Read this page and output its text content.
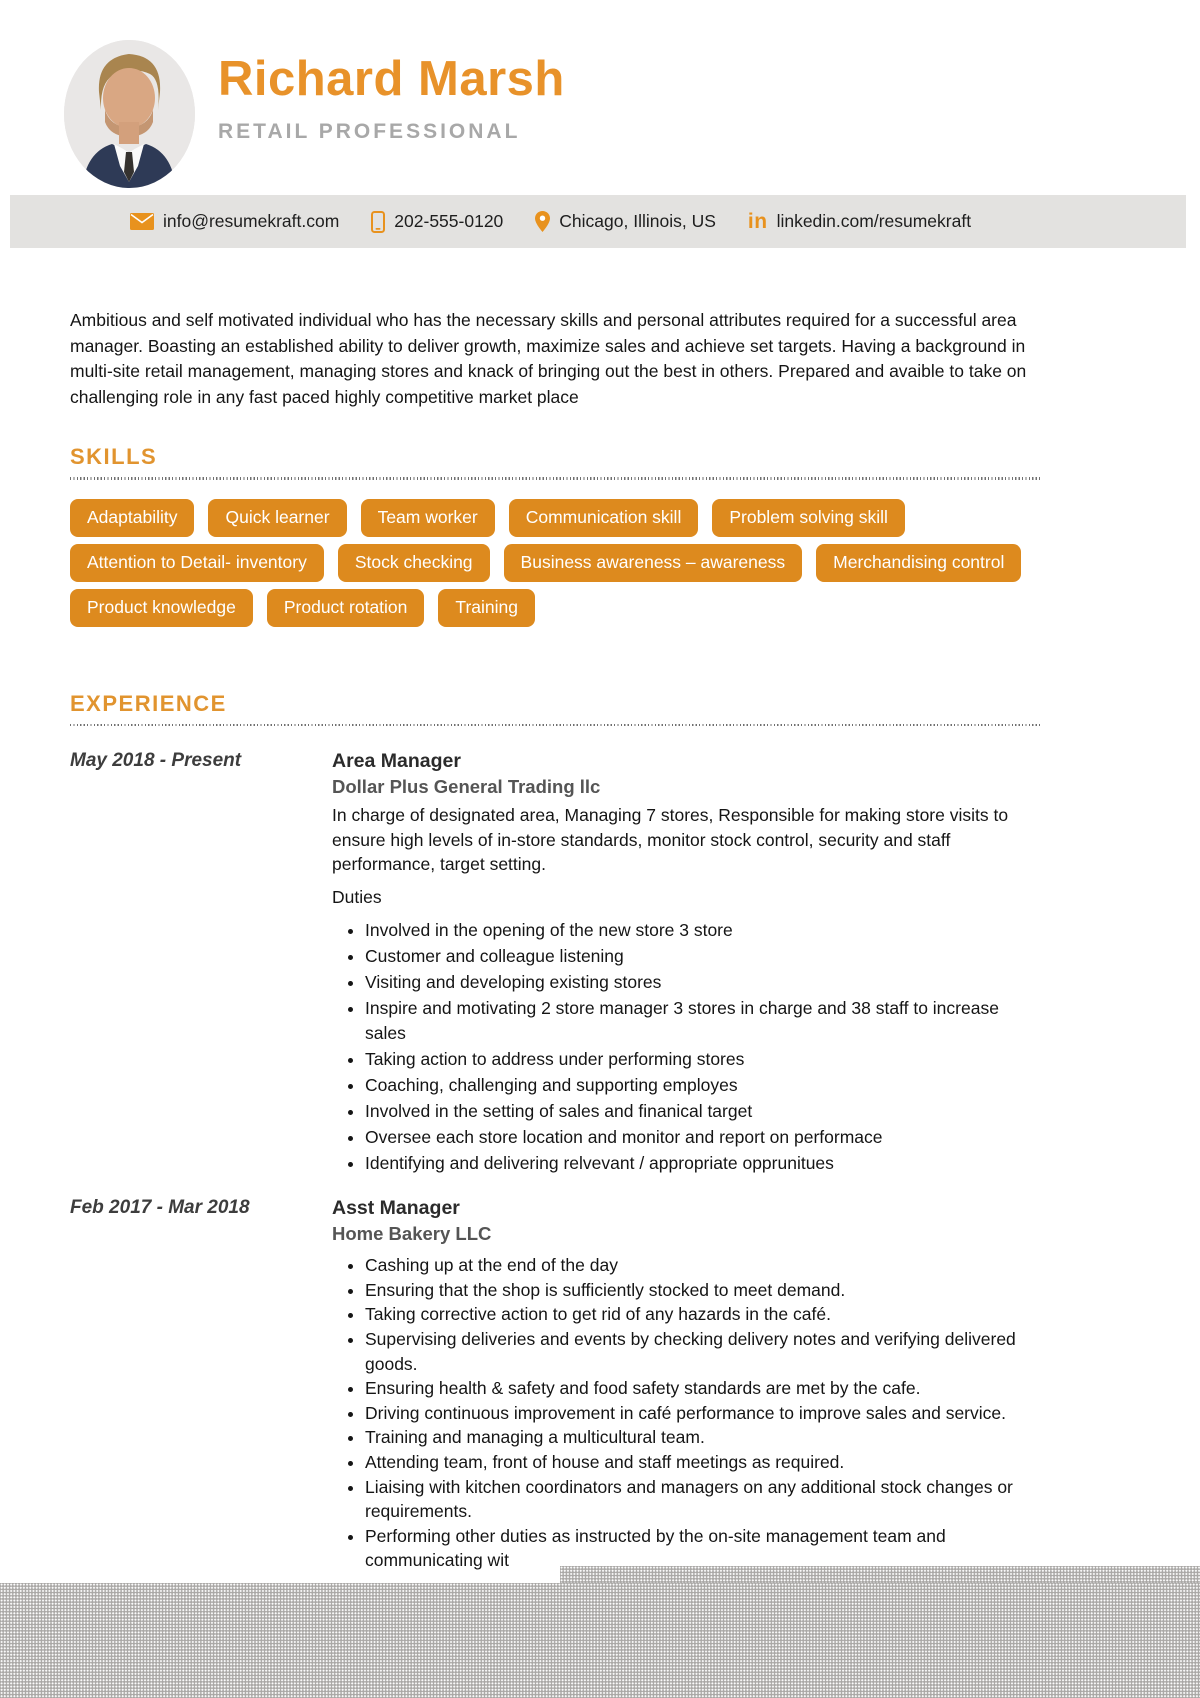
Richard Marsh
RETAIL PROFESSIONAL
info@resumekraft.com	202-555-0120	Chicago, Illinois, US in linkedin.com/resumekraft
Ambitious and self motivated individual who has the necessary skills and personal attributes required for a successful area manager. Boasting an established ability to deliver growth, maximize sales and achieve set targets. Having a background in multi-site retail management, managing stores and knack of bringing out the best in others. Prepared and avaible to take on challenging role in any fast paced highly competitive market place
SKILLS
Adaptability	Quick learner	Team worker	Communication skill	Problem solving skill
Attention to Detail- inventory	Stock checking	Business awareness – awareness	Merchandising control
Product knowledge	Product rotation	Training
EXPERIENCE
May 2018 - Present	Area Manager
Dollar Plus General Trading llc
In charge of designated area, Managing 7 stores, Responsible for making store visits to ensure high levels of in-store standards, monitor stock control, security and staff performance, target setting.
Duties
• Involved in the opening of the new store 3 store
• Customer and colleague listening
• Visiting and developing existing stores
• Inspire and motivating 2 store manager 3 stores in charge and 38 staff to increase sales
• Taking action to address under performing stores
• Coaching, challenging and supporting employes
• Involved in the setting of sales and finanical target
• Oversee each store location and monitor and report on performace
• Identifying and delivering relvevant / appropriate opprunitues
Feb 2017 - Mar 2018	Asst Manager
Home Bakery LLC
• Cashing up at the end of the day
• Ensuring that the shop is sufficiently stocked to meet demand.
• Taking corrective action to get rid of any hazards in the café.
• Supervising deliveries and events by checking delivery notes and verifying delivered goods.
• Ensuring health & safety and food safety standards are met by the cafe.
• Driving continuous improvement in café performance to improve sales and service.
• Training and managing a multicultural team.
• Attending team, front of house and staff meetings as required.
• Liaising with kitchen coordinators and managers on any additional stock changes or requirements.
• Performing other duties as instructed by the on-site management team and communicating wit
